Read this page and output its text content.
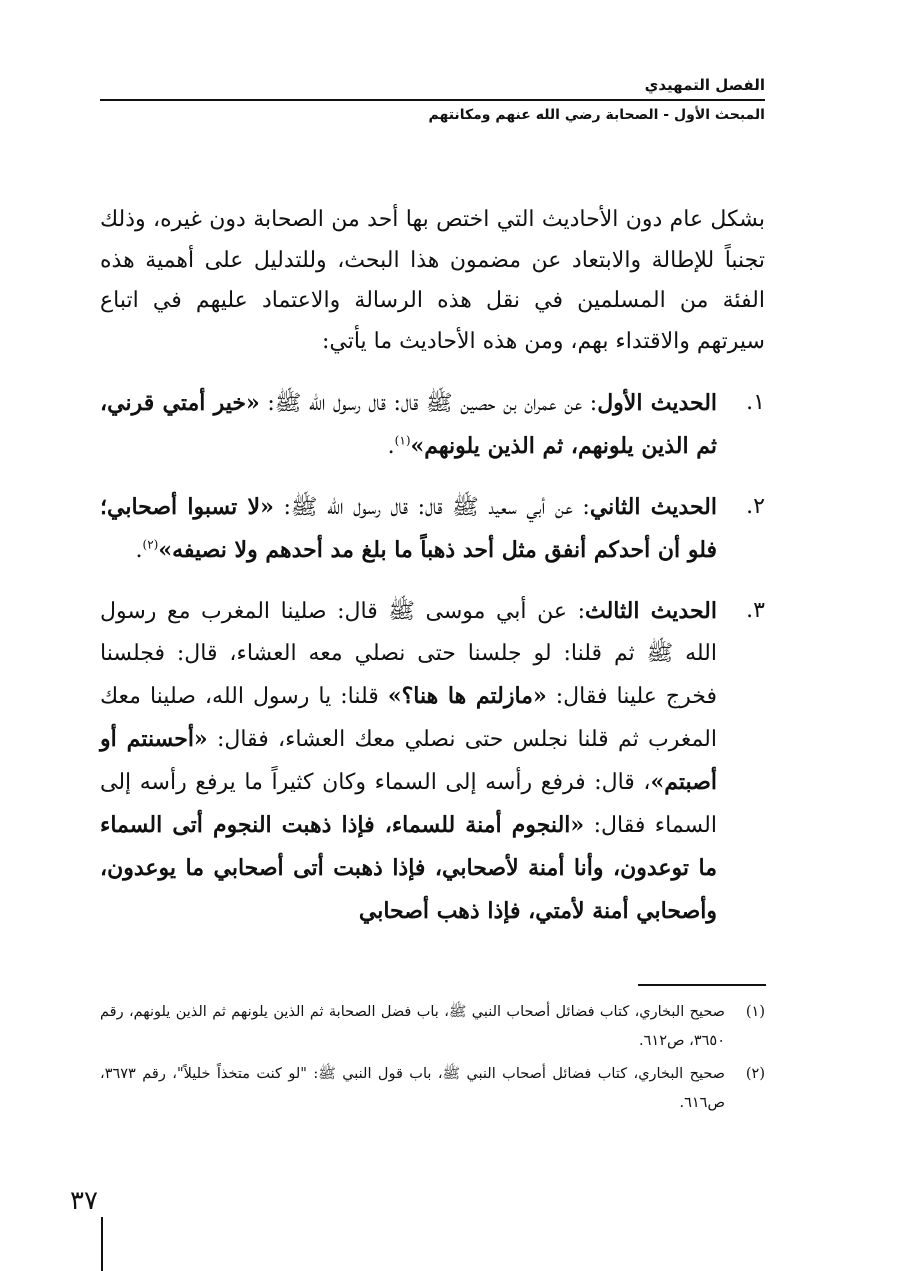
الفصل التمهيدي
المبحث الأول - الصحابة رضي الله عنهم ومكانتهم

بشكل عام دون الأحاديث التي اختص بها أحد من الصحابة دون غيره، وذلك تجنباً للإطالة والابتعاد عن مضمون هذا البحث، وللتدليل على أهمية هذه الفئة من المسلمين في نقل هذه الرسالة والاعتماد عليهم في اتباع سيرتهم والاقتداء بهم، ومن هذه الأحاديث ما يأتي:

١.
الحديث الأول: عن عمران بن حصين ﷺ قال: قال رسول الله ﷺ: «خير أمتي قرني، ثم الذين يلونهم، ثم الذين يلونهم»$^{(١)}$.
٢.
الحديث الثاني: عن أبي سعيد ﷺ قال: قال رسول الله ﷺ: «لا تسبوا أصحابي؛ فلو أن أحدكم أنفق مثل أحد ذهباً ما بلغ مد أحدهم ولا نصيفه»$^{(٢)}$.
٣.
الحديث الثالث: عن أبي موسى ﷺ قال: صلينا المغرب مع رسول الله ﷺ ثم قلنا: لو جلسنا حتى نصلي معه العشاء، قال: فجلسنا فخرج علينا فقال: «مازلتم ها هنا؟» قلنا: يا رسول الله، صلينا معك المغرب ثم قلنا نجلس حتى نصلي معك العشاء، فقال: «أحسنتم أو أصبتم»، قال: فرفع رأسه إلى السماء وكان كثيراً ما يرفع رأسه إلى السماء فقال: «النجوم أمنة للسماء، فإذا ذهبت النجوم أتى السماء ما توعدون، وأنا أمنة لأصحابي، فإذا ذهبت أتى أصحابي ما يوعدون، وأصحابي أمنة لأمتي، فإذا ذهب أصحابي
(١)
صحيح البخاري، كتاب فضائل أصحاب النبي ﷺ، باب فضل الصحابة ثم الذين يلونهم ثم الذين يلونهم، رقم ٣٦٥٠، ص٦١٢.
(٢)
صحيح البخاري، كتاب فضائل أصحاب النبي ﷺ، باب قول النبي ﷺ: "لو كنت متخذاً خليلاً"، رقم ٣٦٧٣، ص٦١٦.
٣٧
